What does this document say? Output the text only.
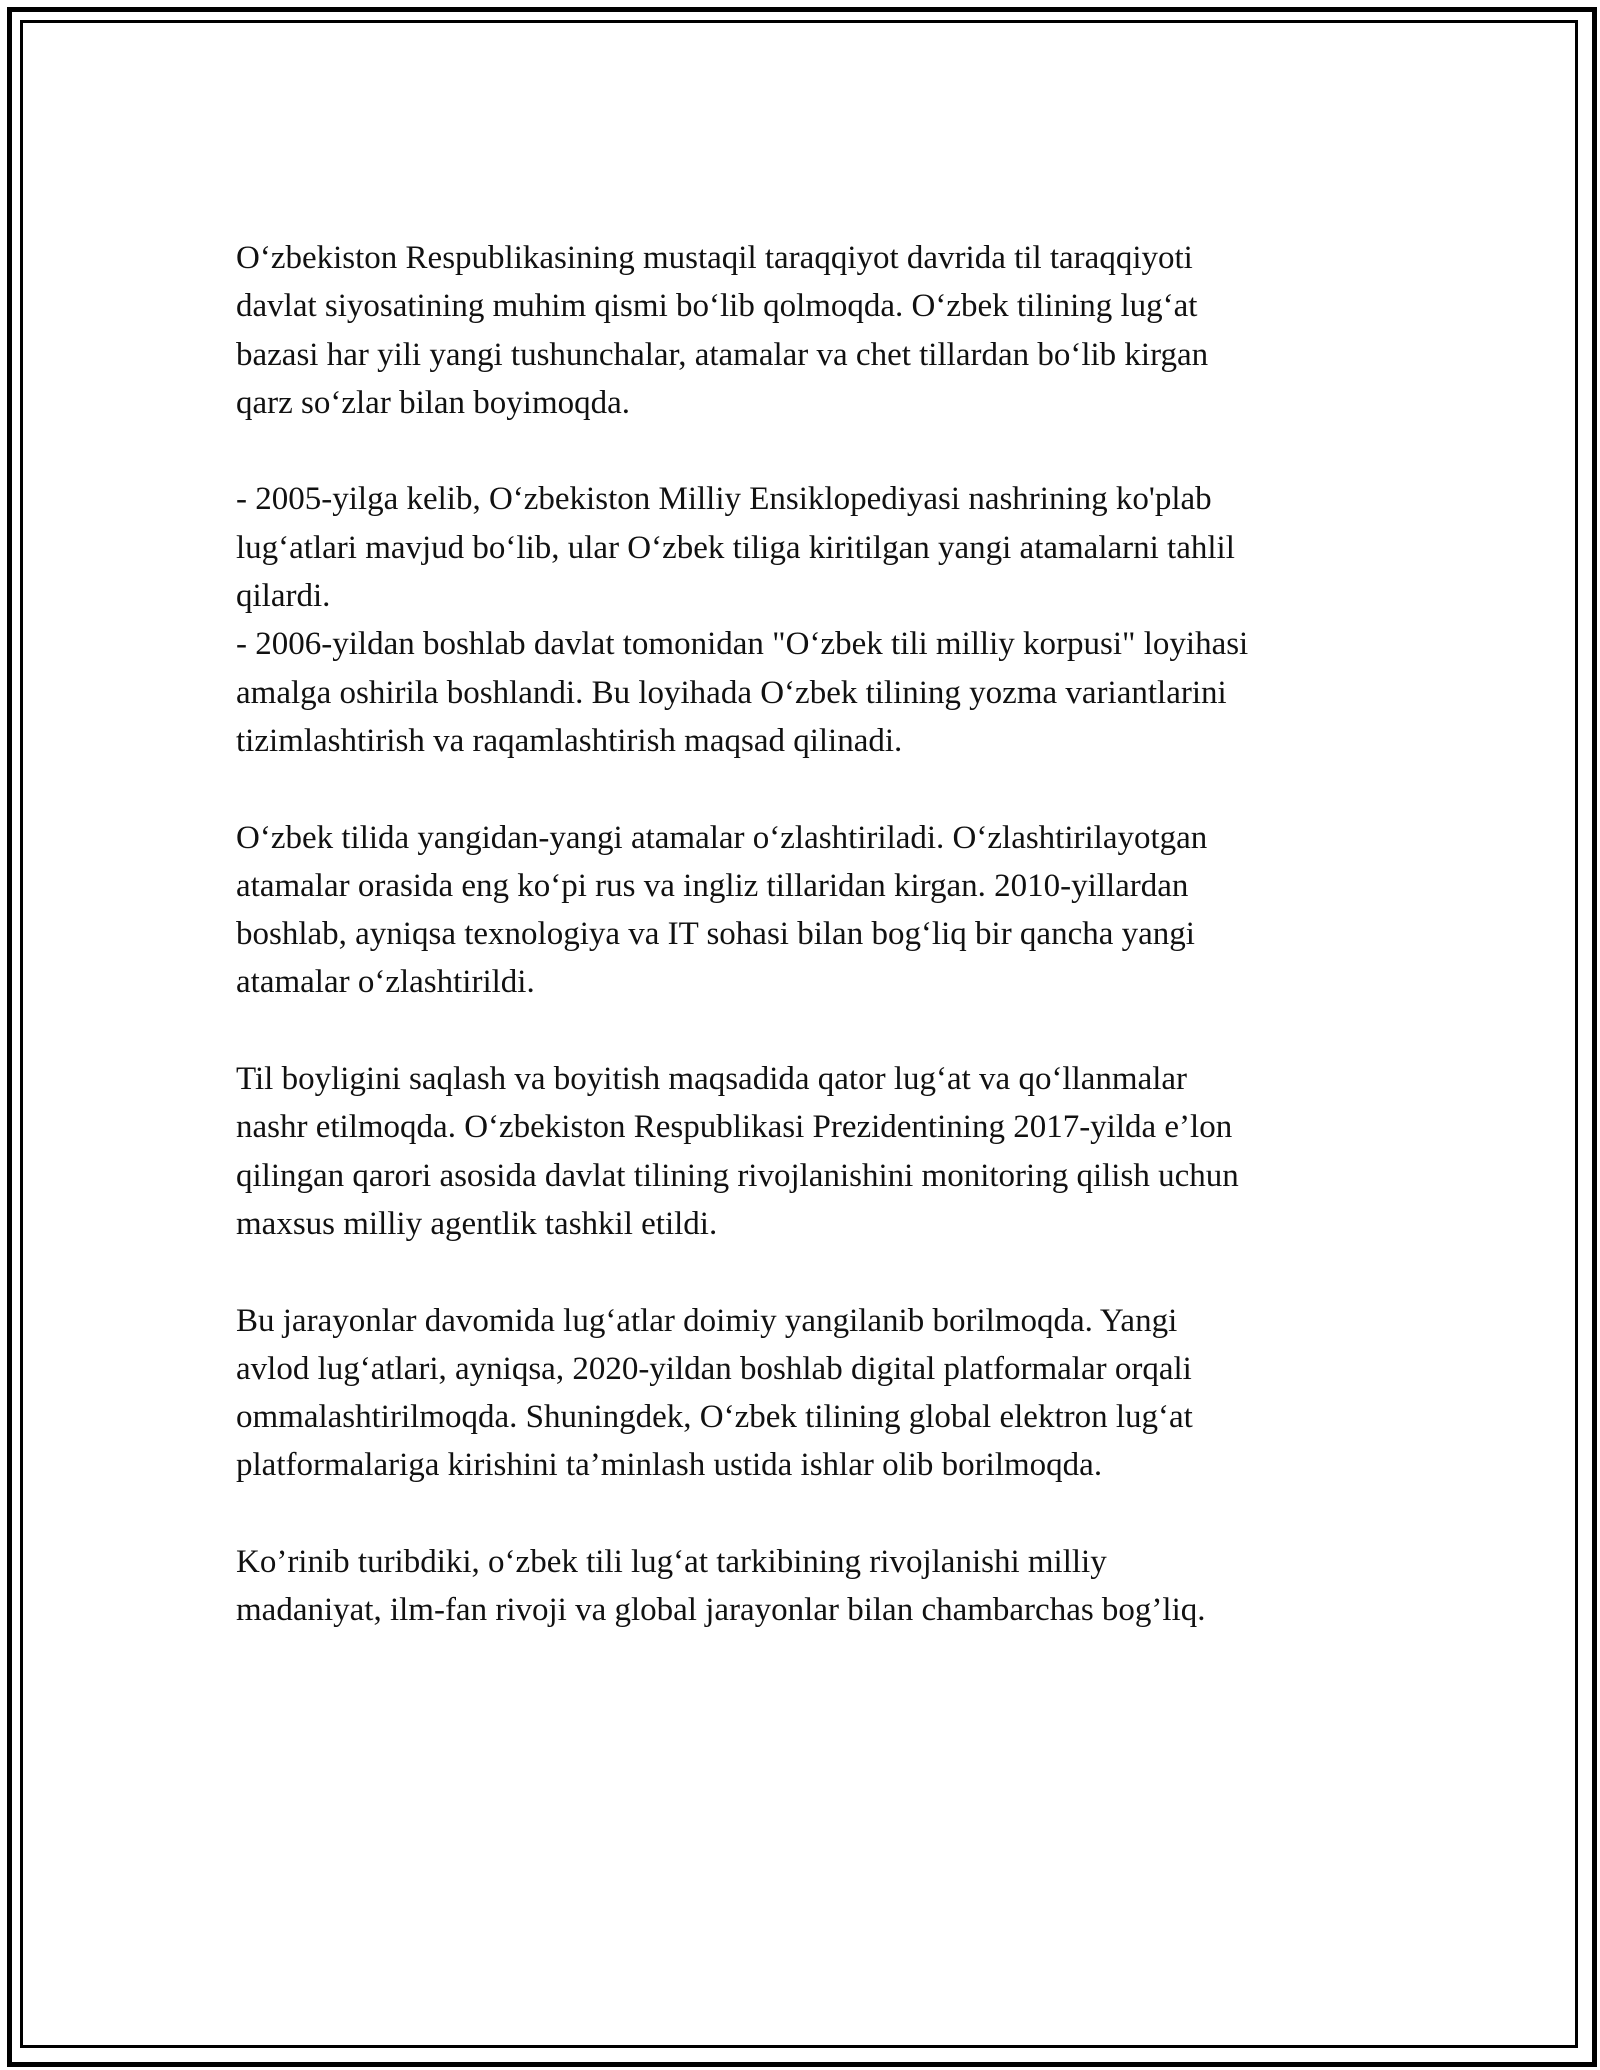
O‘zbekiston Respublikasining mustaqil taraqqiyot davrida til taraqqiyoti
davlat siyosatining muhim qismi bo‘lib qolmoqda. O‘zbek tilining lug‘at
bazasi har yili yangi tushunchalar, atamalar va chet tillardan bo‘lib kirgan
qarz so‘zlar bilan boyimoqda.

- 2005-yilga kelib, O‘zbekiston Milliy Ensiklopediyasi nashrining ko'plab
lug‘atlari mavjud bo‘lib, ular O‘zbek tiliga kiritilgan yangi atamalarni tahlil
qilardi.

- 2006-yildan boshlab davlat tomonidan "O‘zbek tili milliy korpusi" loyihasi
amalga oshirila boshlandi. Bu loyihada O‘zbek tilining yozma variantlarini
tizimlashtirish va raqamlashtirish maqsad qilinadi.

O‘zbek tilida yangidan-yangi atamalar o‘zlashtiriladi. O‘zlashtirilayotgan
atamalar orasida eng ko‘pi rus va ingliz tillaridan kirgan. 2010-yillardan
boshlab, ayniqsa texnologiya va IT sohasi bilan bog‘liq bir qancha yangi
atamalar o‘zlashtirildi.

Til boyligini saqlash va boyitish maqsadida qator lug‘at va qo‘llanmalar
nashr etilmoqda. O‘zbekiston Respublikasi Prezidentining 2017-yilda e’lon
qilingan qarori asosida davlat tilining rivojlanishini monitoring qilish uchun
maxsus milliy agentlik tashkil etildi.

Bu jarayonlar davomida lug‘atlar doimiy yangilanib borilmoqda. Yangi
avlod lug‘atlari, ayniqsa, 2020-yildan boshlab digital platformalar orqali
ommalashtirilmoqda. Shuningdek, O‘zbek tilining global elektron lug‘at
platformalariga kirishini ta’minlash ustida ishlar olib borilmoqda.

Ko’rinib turibdiki, o‘zbek tili lug‘at tarkibining rivojlanishi milliy
madaniyat, ilm-fan rivoji va global jarayonlar bilan chambarchas bog’liq.
